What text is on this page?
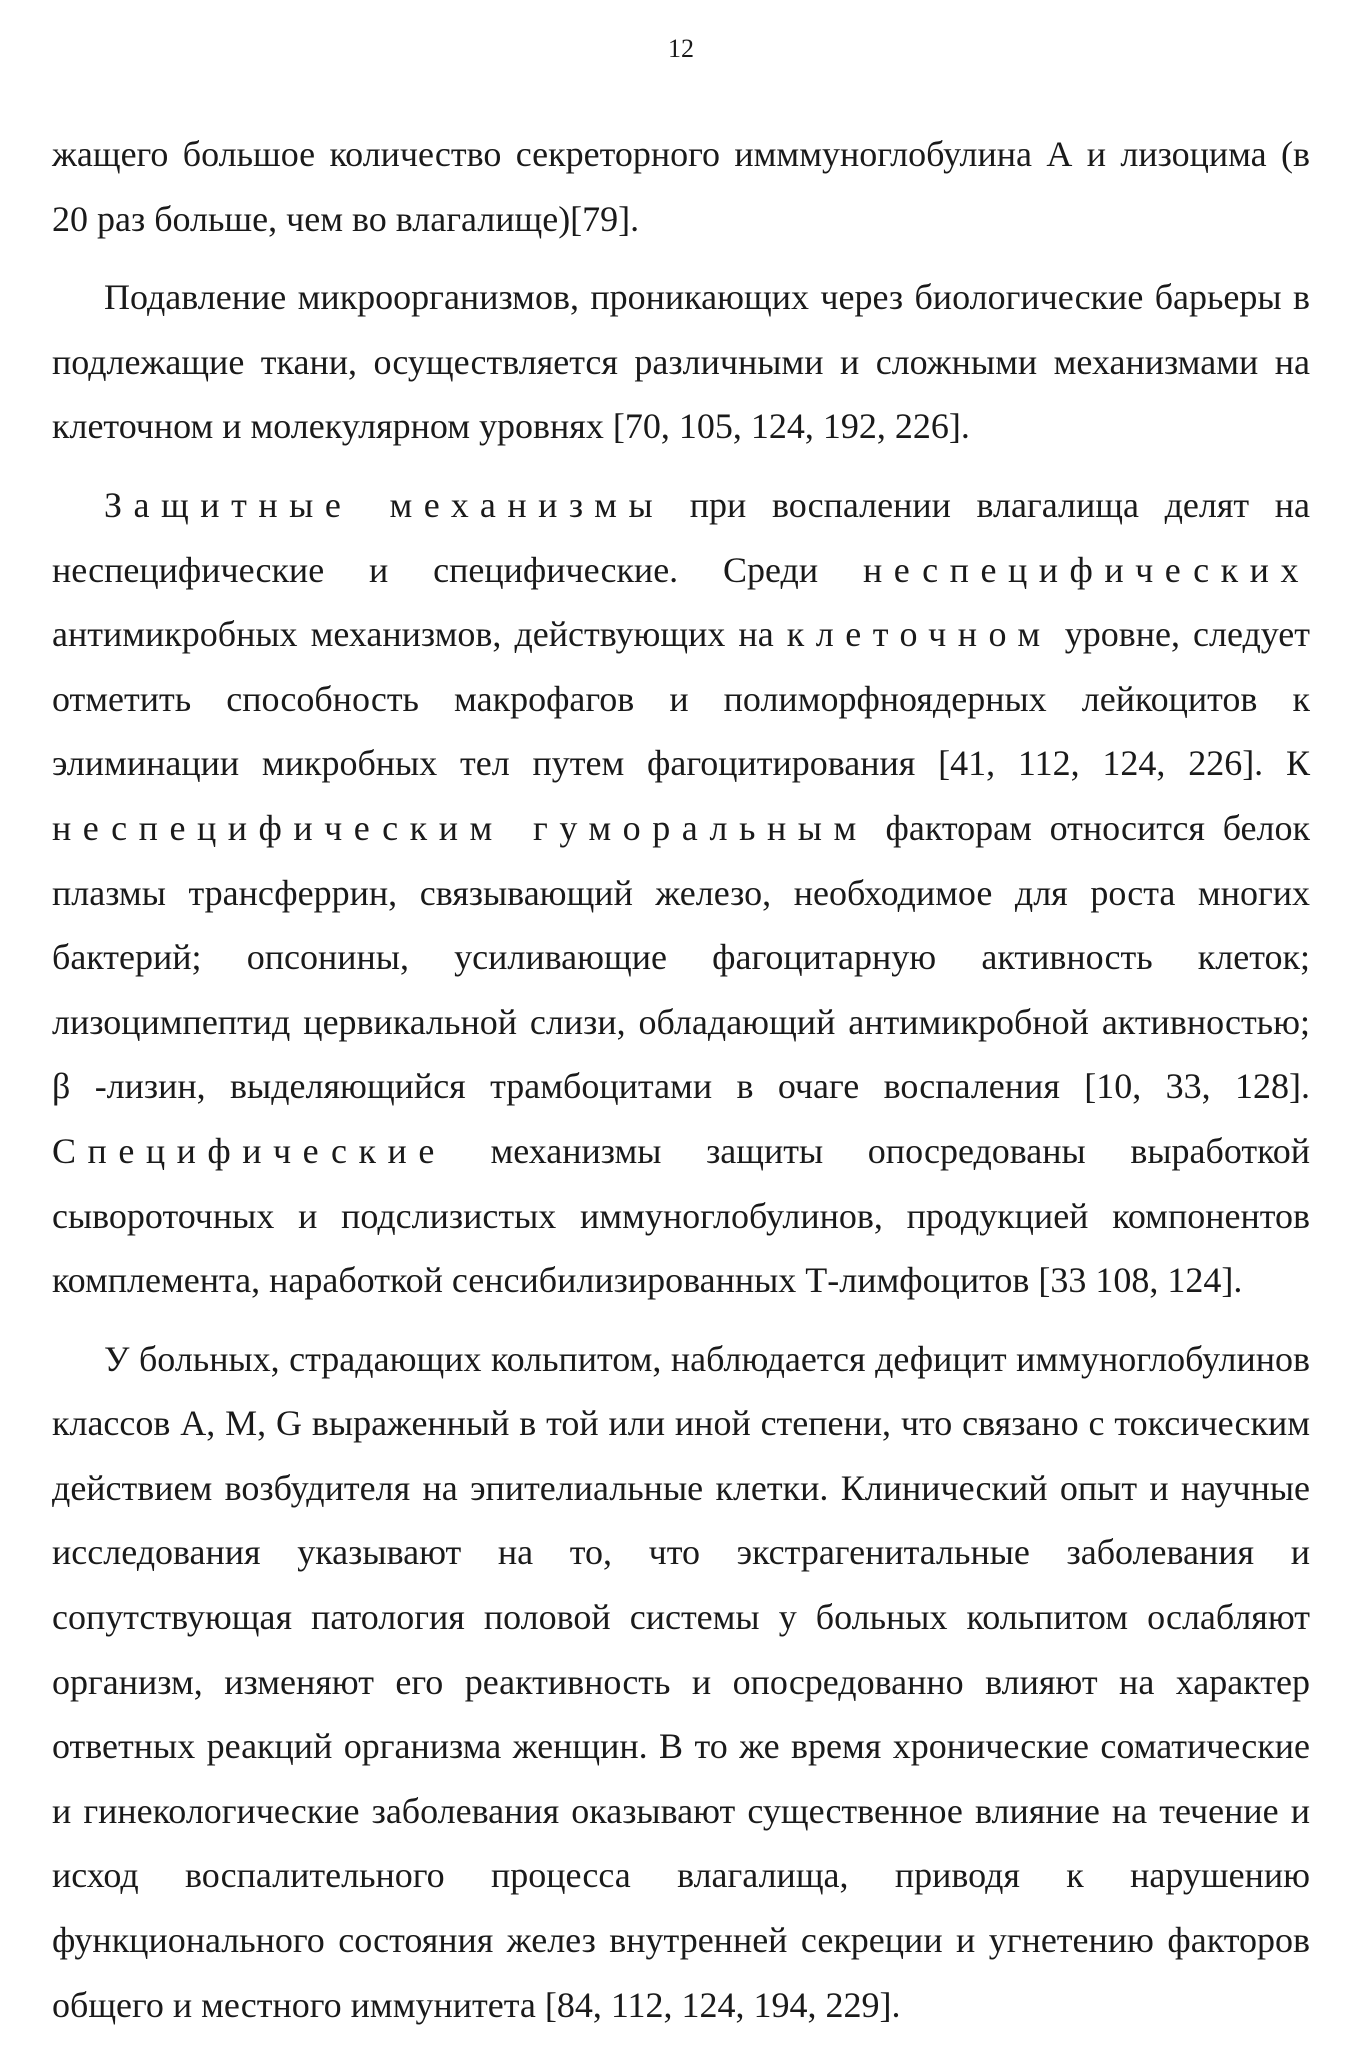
12

жащего большое количество секреторного имммуноглобулина А и лизоцима (в 20 раз больше, чем во влагалище)[79].

Подавление микроорганизмов, проникающих через биологические барьеры в подлежащие ткани, осуществляется различными и сложными механизмами на клеточном и молекулярном уровнях [70, 105, 124, 192, 226].

Защитные механизмы при воспалении влагалища делят на неспецифические и специфические. Среди неспецифических антимикробных механизмов, действующих на клеточном уровне, следует отметить способность макрофагов и полиморфноядерных лейкоцитов к элиминации микробных тел путем фагоцитирования [41, 112, 124, 226]. К неспецифическим гуморальным факторам относится белок плазмы трансферрин, связывающий железо, необходимое для роста многих бактерий; опсонины, усиливающие фагоцитарную активность клеток; лизоцимпептид цервикальной слизи, обладающий антимикробной активностью; β -лизин, выделяющийся трамбоцитами в очаге воспаления [10, 33, 128]. Специфические механизмы защиты опосредованы выработкой сывороточных и подслизистых иммуноглобулинов, продукцией компонентов комплемента, наработкой сенсибилизированных Т-лимфоцитов [33 108, 124].

У больных, страдающих кольпитом, наблюдается дефицит иммуноглобулинов классов А, М, G выраженный в той или иной степени, что связано с токсическим действием возбудителя на эпителиальные клетки. Клинический опыт и научные исследования указывают на то, что экстрагенитальные заболевания и сопутствующая патология половой системы у больных кольпитом ослабляют организм, изменяют его реактивность и опосредованно влияют на характер ответных реакций организма женщин. В то же время хронические соматические и гинекологические заболевания оказывают существенное влияние на течение и исход воспалительного процесса влагалища, приводя к нарушению функционального состояния желез внутренней секреции и угнетению факторов общего и местного иммунитета [84, 112, 124, 194, 229].
